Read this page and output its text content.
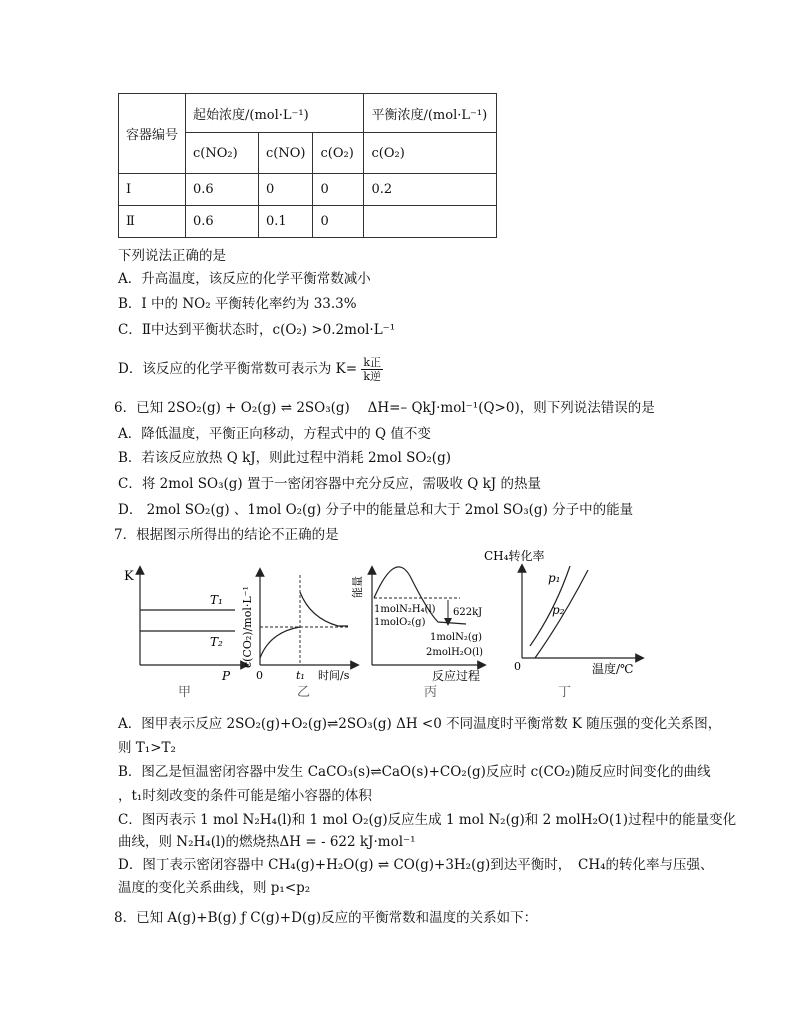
容器编号	起始浓度/(mol·L⁻¹)			平衡浓度/(mol·L⁻¹)
	c(NO₂)	c(NO)	c(O₂)	c(O₂)
I	0.6	0	0	0.2
Ⅱ	0.6	0.1	0	
下列说法正确的是
A．升高温度，该反应的化学平衡常数减小
B．I 中的 NO₂ 平衡转化率约为 33.3%
C．Ⅱ中达到平衡状态时，c(O₂) >0.2mol·L⁻¹
D．该反应的化学平衡常数可表示为 K= k正
k逆
6．已知 2SO₂(g) + O₂(g) ⇌ 2SO₃(g)　 ΔH=– QkJ·mol⁻¹(Q>0)，则下列说法错误的是
A．降低温度，平衡正向移动，方程式中的 Q 值不变
B．若该反应放热 Q kJ，则此过程中消耗 2mol SO₂(g)
C．将 2mol SO₃(g) 置于一密闭容器中充分反应，需吸收 Q kJ 的热量
D． 2mol SO₂(g) 、1mol O₂(g) 分子中的能量总和大于 2mol SO₃(g) 分子中的能量
7．根据图示所得出的结论不正确的是
K
T₁
T₂
P
甲
c(CO₂)/mol·L⁻¹
0	t₁ 时间/s
乙
能量
1molN₂H₄(l)
1molO₂(g)
622kJ
1molN₂(g)
2molH₂O(l)
反应过程
丙
CH₄转化率
p₁
p₂
0	温度/℃
丁
A．图甲表示反应 2SO₂(g)+O₂(g)⇌2SO₃(g) ΔH <0 不同温度时平衡常数 K 随压强的变化关系图，
则 T₁>T₂
B．图乙是恒温密闭容器中发生 CaCO₃(s)⇌CaO(s)+CO₂(g)反应时 c(CO₂)随反应时间变化的曲线
，t₁时刻改变的条件可能是缩小容器的体积
C．图丙表示 1 mol N₂H₄(l)和 1 mol O₂(g)反应生成 1 mol N₂(g)和 2 molH₂O(1)过程中的能量变化
曲线，则 N₂H₄(l)的燃烧热ΔH = - 622 kJ·mol⁻¹
D．图丁表示密闭容器中 CH₄(g)+H₂O(g) ⇌ CO(g)+3H₂(g)到达平衡时，　CH₄的转化率与压强、
温度的变化关系曲线，则 p₁<p₂
8．已知 A(g)+B(g) ƒ C(g)+D(g)反应的平衡常数和温度的关系如下：
